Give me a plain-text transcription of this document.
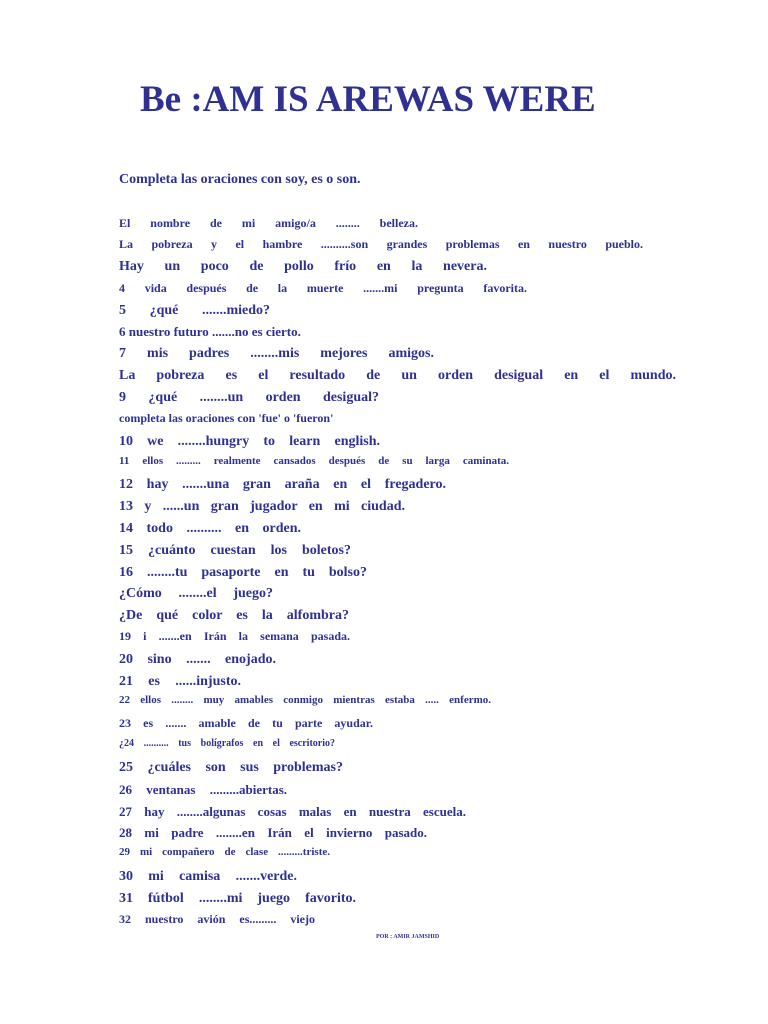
Be :AM IS AREWAS WERE
Completa las oraciones con soy, es o son.
El nombre de mi amigo/a ........ belleza.
La pobreza y el hambre ..........son grandes problemas en nuestro pueblo.
Hay un poco de pollo frío en la nevera.
4 vida después de la muerte .......mi pregunta favorita.
5 ¿qué .......miedo?
6 nuestro futuro .......no es cierto.
7 mis padres ........mis mejores amigos.
La pobreza es el resultado de un orden desigual en el mundo.
9 ¿qué ........un orden desigual?
completa las oraciones con 'fue' o 'fueron'
10 we ........hungry to learn english.
11 ellos ......... realmente cansados después de su larga caminata.
12 hay .......una gran araña en el fregadero.
13 y ......un gran jugador en mi ciudad.
14 todo .......... en orden.
15 ¿cuánto cuestan los boletos?
16 ........tu pasaporte en tu bolso?
¿Cómo ........el juego?
¿De qué color es la alfombra?
19 i .......en Irán la semana pasada.
20 sino ....... enojado.
21 es ......injusto.
22 ellos ........ muy amables conmigo mientras estaba ..... enfermo.
23 es ....... amable de tu parte ayudar.
¿24 .......... tus bolígrafos en el escritorio?
25 ¿cuáles son sus problemas?
26 ventanas .........abiertas.
27 hay ........algunas cosas malas en nuestra escuela.
28 mi padre ........en Irán el invierno pasado.
29 mi compañero de clase .........triste.
30 mi camisa .......verde.
31 fútbol ........mi juego favorito.
32 nuestro avión es......... viejo
POR : AMIR JAMSHID
